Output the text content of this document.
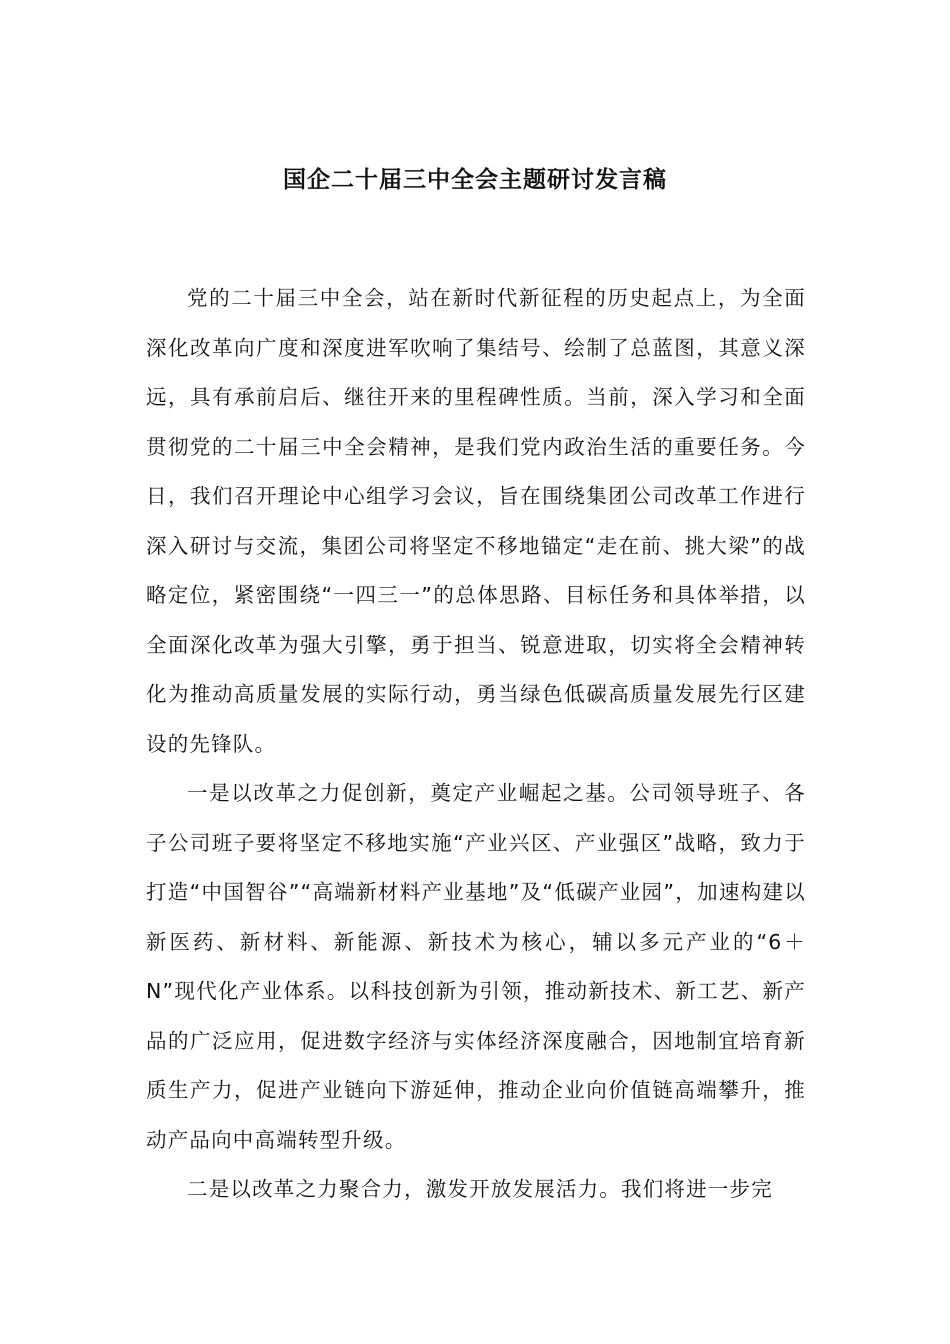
国企二十届三中全会主题研讨发言稿

党的二十届三中全会，站在新时代新征程的历史起点上，为全面深化改革向广度和深度进军吹响了集结号、绘制了总蓝图，其意义深远，具有承前启后、继往开来的里程碑性质。当前，深入学习和全面贯彻党的二十届三中全会精神，是我们党内政治生活的重要任务。今日，我们召开理论中心组学习会议，旨在围绕集团公司改革工作进行深入研讨与交流，集团公司将坚定不移地锚定“走在前、挑大梁”的战略定位，紧密围绕“一四三一”的总体思路、目标任务和具体举措，以全面深化改革为强大引擎，勇于担当、锐意进取，切实将全会精神转化为推动高质量发展的实际行动，勇当绿色低碳高质量发展先行区建设的先锋队。

一是以改革之力促创新，奠定产业崛起之基。公司领导班子、各子公司班子要将坚定不移地实施“产业兴区、产业强区”战略，致力于打造“中国智谷”“高端新材料产业基地”及“低碳产业园”，加速构建以新医药、新材料、新能源、新技术为核心，辅以多元产业的“6＋N”现代化产业体系。以科技创新为引领，推动新技术、新工艺、新产品的广泛应用，促进数字经济与实体经济深度融合，因地制宜培育新质生产力，促进产业链向下游延伸，推动企业向价值链高端攀升，推动产品向中高端转型升级。

二是以改革之力聚合力，激发开放发展活力。我们将进一步完
